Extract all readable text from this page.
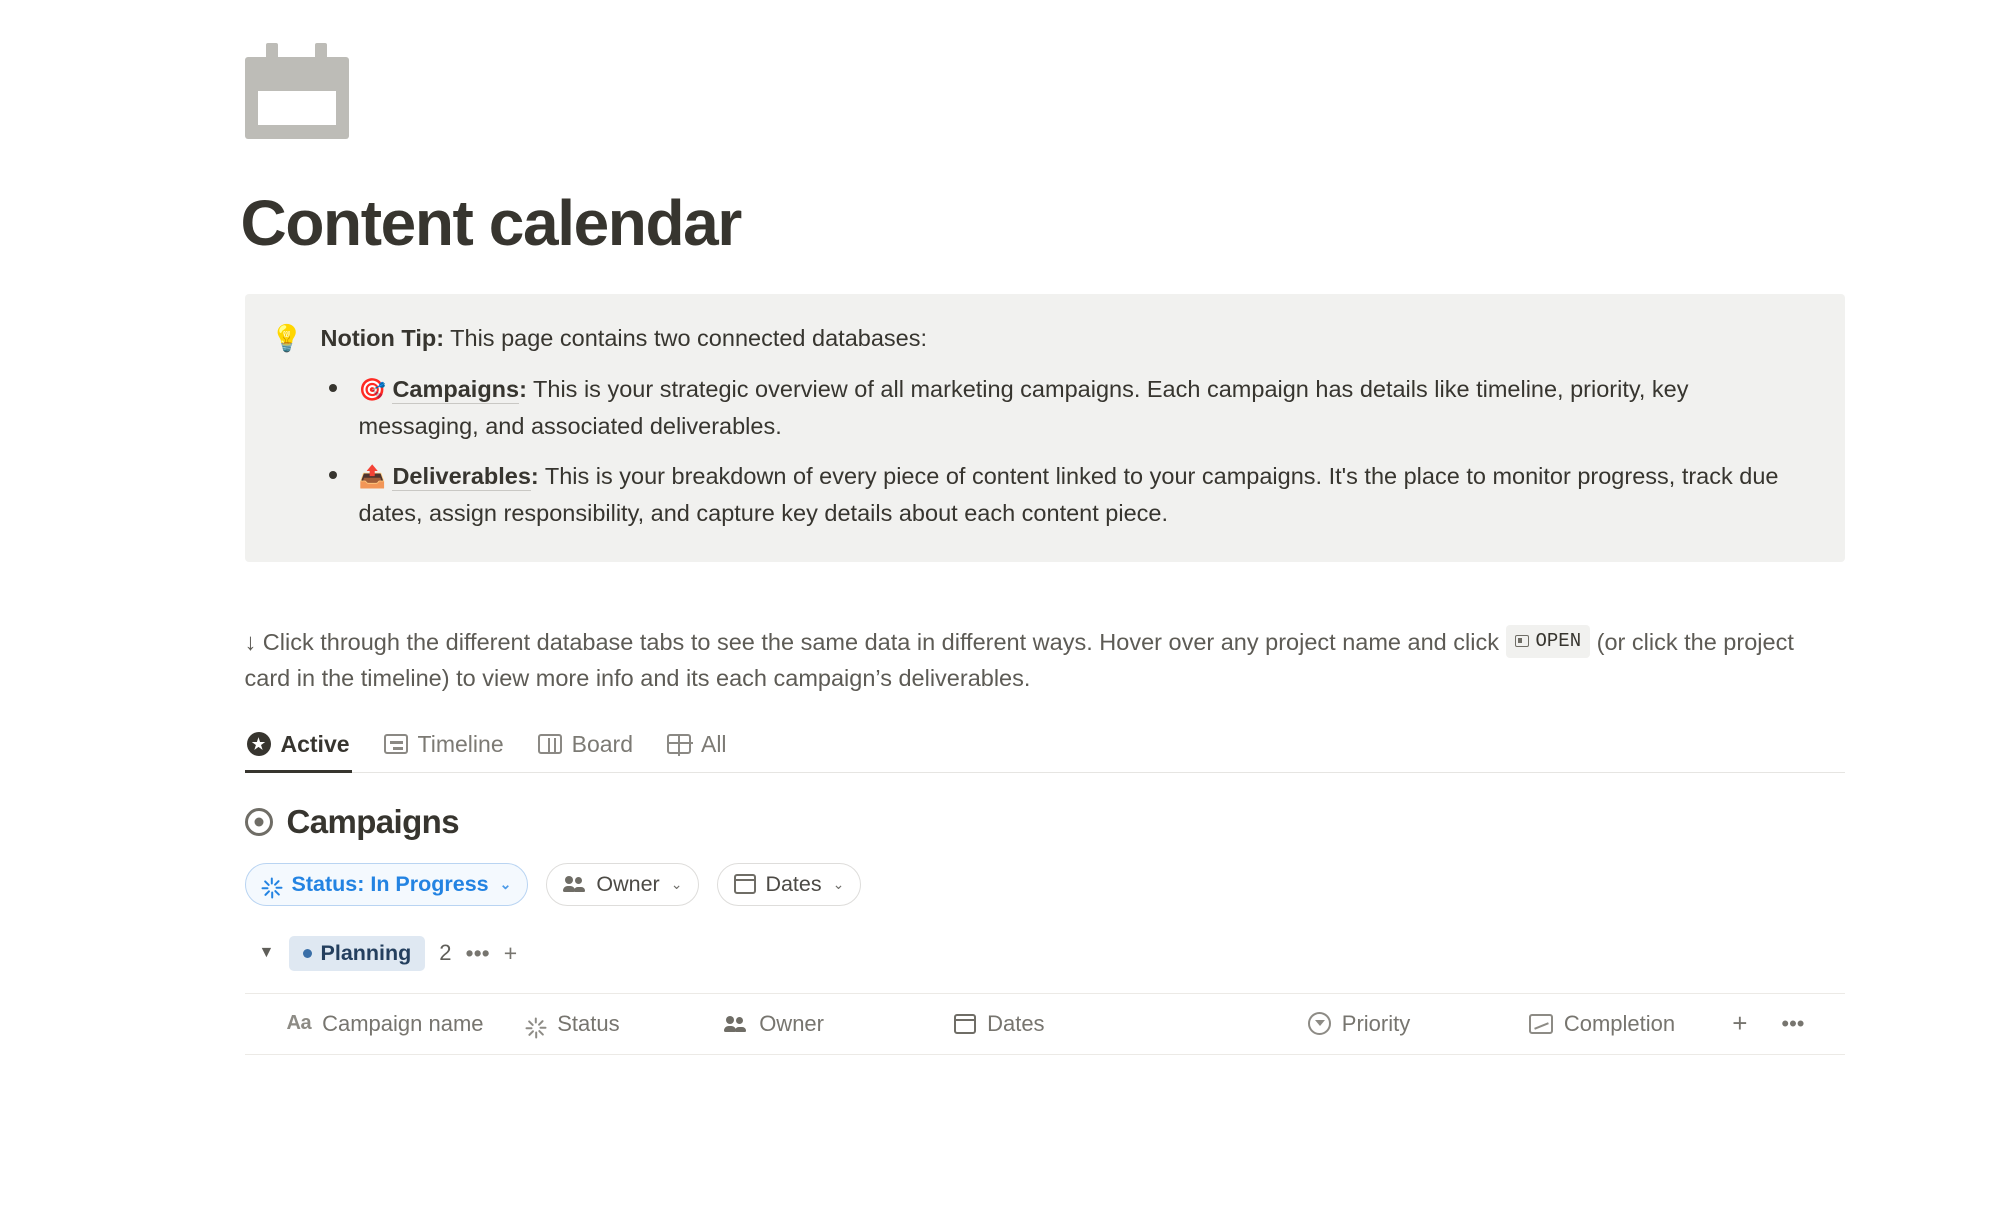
Content calendar
💡 Notion Tip: This page contains two connected databases:

🎯 Campaigns: This is your strategic overview of all marketing campaigns. Each campaign has details like timeline, priority, key messaging, and associated deliverables.
📤 Deliverables: This is your breakdown of every piece of content linked to your campaigns. It's the place to monitor progress, track due dates, assign responsibility, and capture key details about each content piece.

↓ Click through the different database tabs to see the same data in different ways. Hover over any project name and click OPEN (or click the project card in the timeline) to view more info and its each campaign’s deliverables.

★ Active	Timeline	Board	All
Campaigns
Status: In Progress ⌄	Owner ⌄	Dates ⌄
▼ Planning 2 ••• +
Aa Campaign name	Status	Owner	Dates	Priority	Completion + •••
